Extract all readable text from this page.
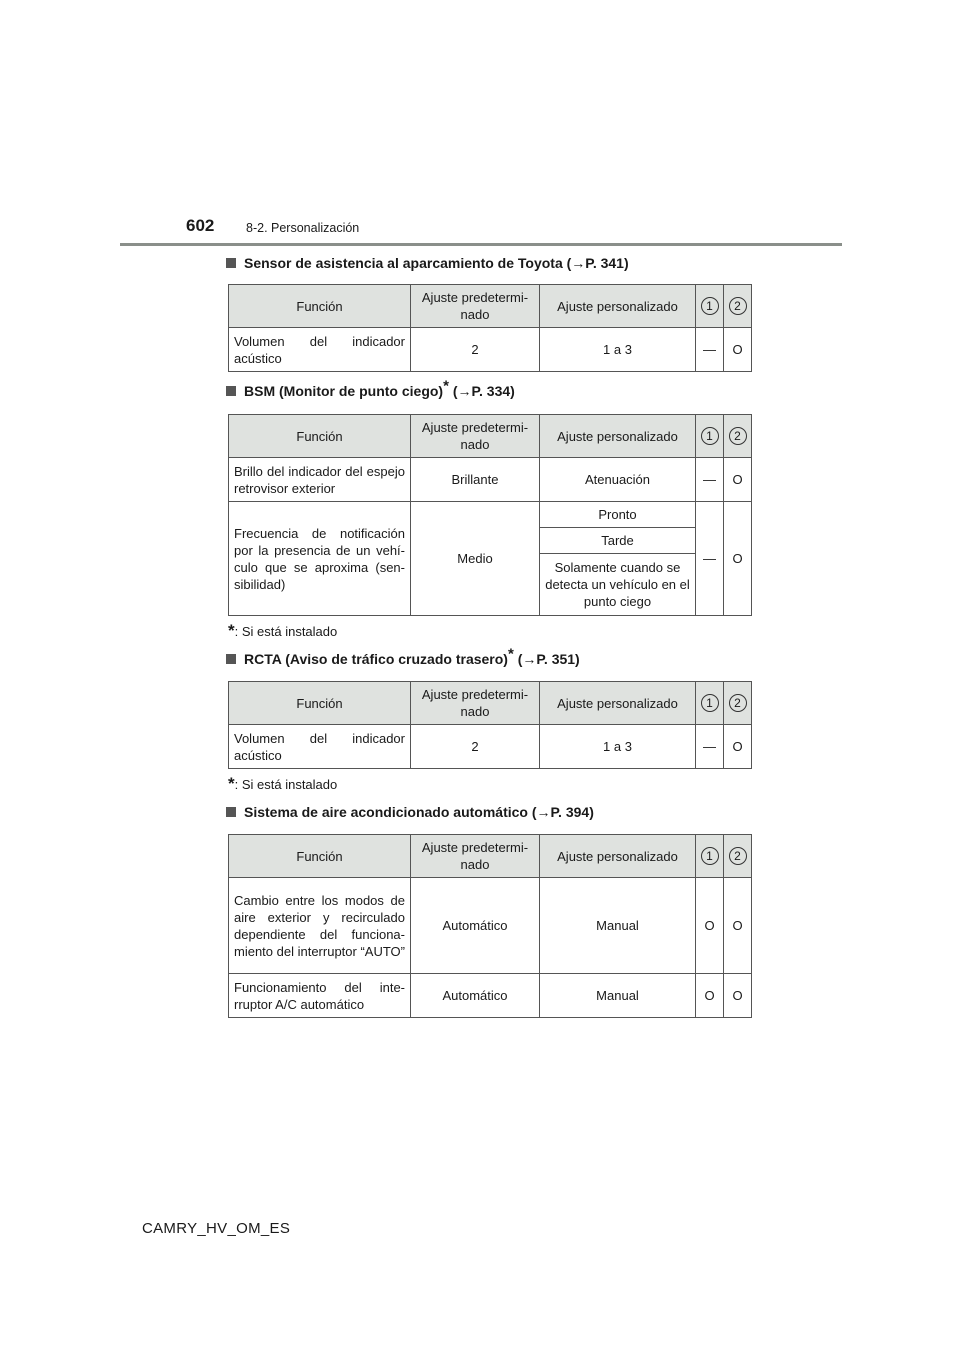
602	8-2. Personalización
Sensor de asistencia al aparcamiento de Toyota (→P. 341)
Función	Ajuste predetermi-nado	Ajuste personalizado	1	2
Volumen del indicador acústico	2	1 a 3	—	O
BSM (Monitor de punto ciego)* (→P. 334)
Función	Ajuste predetermi-nado	Ajuste personalizado	1	2
Brillo del indicador del espejo retrovisor exterior	Brillante	Atenuación	—	O
Frecuencia de notificación por la presencia de un vehí-culo que se aproxima (sen-sibilidad)	Medio	Pronto	—	O
		Tarde		
		Solamente cuando se detecta un vehículo en el punto ciego		
*: Si está instalado
RCTA (Aviso de tráfico cruzado trasero)* (→P. 351)
Función	Ajuste predetermi-nado	Ajuste personalizado	1	2
Volumen del indicador acústico	2	1 a 3	—	O
*: Si está instalado
Sistema de aire acondicionado automático (→P. 394)
Función	Ajuste predetermi-nado	Ajuste personalizado	1	2
Cambio entre los modos de aire exterior y recirculado dependiente del funciona-miento del interruptor “AUTO”	Automático	Manual	O	O
Funcionamiento del inte-rruptor A/C automático	Automático	Manual	O	O
CAMRY_HV_OM_ES
